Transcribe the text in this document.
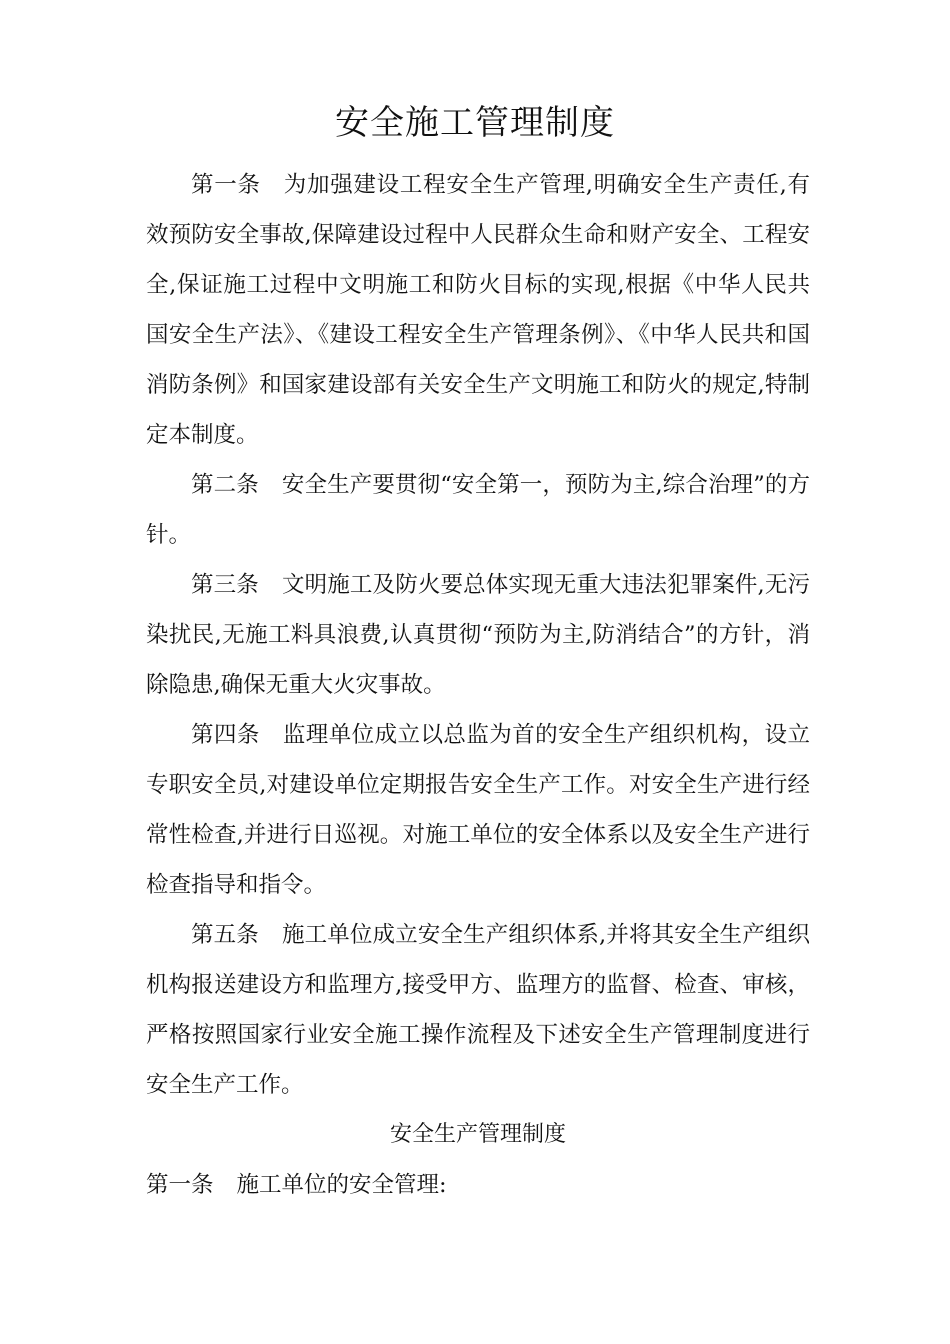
安全施工管理制度

第一条 为加强建设工程安全生产管理,明确安全生产责任,有效预防安全事故,保障建设过程中人民群众生命和财产安全、工程安全,保证施工过程中文明施工和防火目标的实现,根据《中华人民共国安全生产法》、《建设工程安全生产管理条例》、《中华人民共和国消防条例》和国家建设部有关安全生产文明施工和防火的规定,特制定本制度。

第二条 安全生产要贯彻“安全第一，预防为主,综合治理”的方针。

第三条 文明施工及防火要总体实现无重大违法犯罪案件,无污染扰民,无施工料具浪费,认真贯彻“预防为主,防消结合”的方针，消除隐患,确保无重大火灾事故。

第四条 监理单位成立以总监为首的安全生产组织机构，设立专职安全员,对建设单位定期报告安全生产工作。对安全生产进行经常性检查,并进行日巡视。对施工单位的安全体系以及安全生产进行检查指导和指令。

第五条 施工单位成立安全生产组织体系,并将其安全生产组织机构报送建设方和监理方,接受甲方、监理方的监督、检查、审核，严格按照国家行业安全施工操作流程及下述安全生产管理制度进行安全生产工作。

安全生产管理制度

第一条 施工单位的安全管理:
